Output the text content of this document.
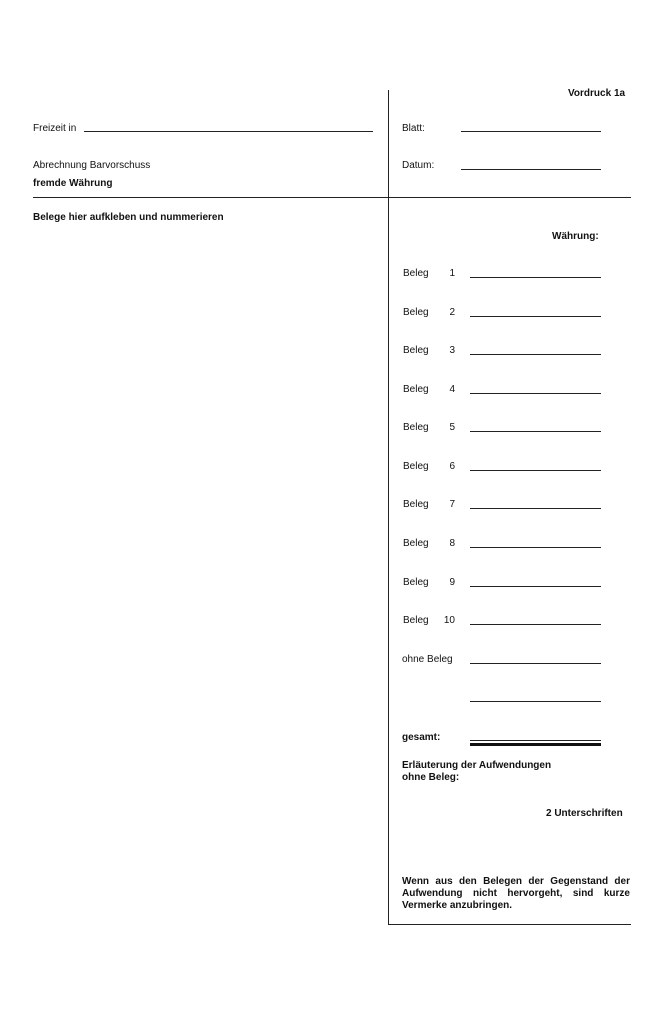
Vordruck 1a
Freizeit in	Blatt:
Abrechnung Barvorschuss
fremde Währung
Datum:
Belege hier aufkleben und nummerieren
Währung:
Beleg	1
Beleg	2
Beleg	3
Beleg	4
Beleg	5
Beleg	6
Beleg	7
Beleg	8
Beleg	9
Beleg	10
ohne Beleg
gesamt:
Erläuterung der Aufwendungen ohne Beleg:
2 Unterschriften
Wenn aus den Belegen der Gegenstand der Aufwendung nicht hervorgeht, sind kurze Vermerke anzubringen.
